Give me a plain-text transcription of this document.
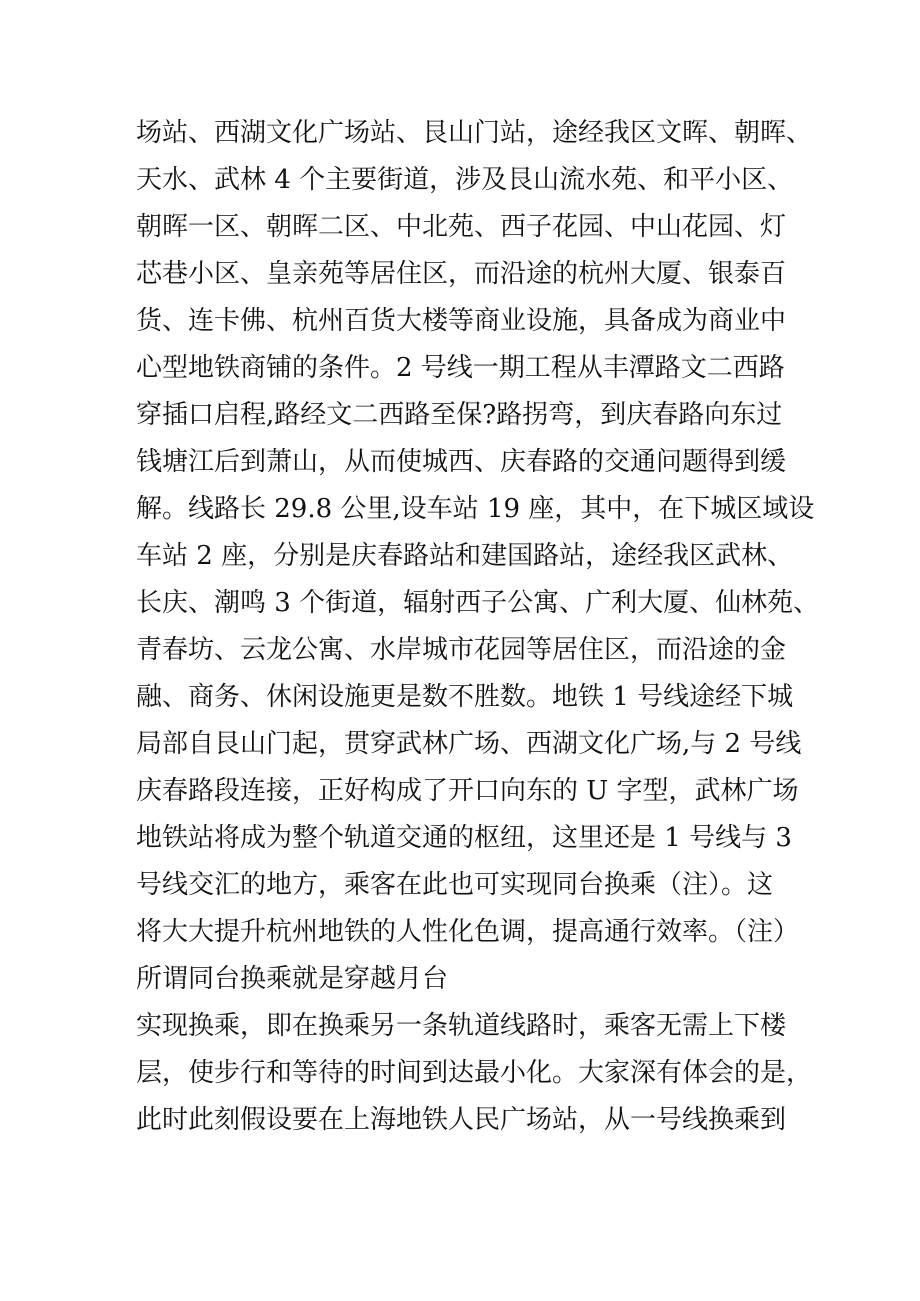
场站、西湖文化广场站、艮山门站，途经我区文晖、朝晖、
天水、武林 4 个主要街道，涉及艮山流水苑、和平小区、
朝晖一区、朝晖二区、中北苑、西子花园、中山花园、灯
芯巷小区、皇亲苑等居住区，而沿途的杭州大厦、银泰百
货、连卡佛、杭州百货大楼等商业设施，具备成为商业中
心型地铁商铺的条件。2 号线一期工程从丰潭路文二西路
穿插口启程,路经文二西路至保?路拐弯，到庆春路向东过
钱塘江后到萧山，从而使城西、庆春路的交通问题得到缓
解。线路长 29.8 公里,设车站 19 座，其中，在下城区域设
车站 2 座，分别是庆春路站和建国路站，途经我区武林、
长庆、潮鸣 3 个街道，辐射西子公寓、广利大厦、仙林苑、
青春坊、云龙公寓、水岸城市花园等居住区，而沿途的金
融、商务、休闲设施更是数不胜数。地铁 1 号线途经下城
局部自艮山门起，贯穿武林广场、西湖文化广场,与 2 号线
庆春路段连接，正好构成了开口向东的 U 字型，武林广场
地铁站将成为整个轨道交通的枢纽，这里还是 1 号线与 3
号线交汇的地方，乘客在此也可实现同台换乘（注）。这
将大大提升杭州地铁的人性化色调，提高通行效率。（注）
所谓同台换乘就是穿越月台
实现换乘，即在换乘另一条轨道线路时，乘客无需上下楼
层，使步行和等待的时间到达最小化。大家深有体会的是，
此时此刻假设要在上海地铁人民广场站，从一号线换乘到
